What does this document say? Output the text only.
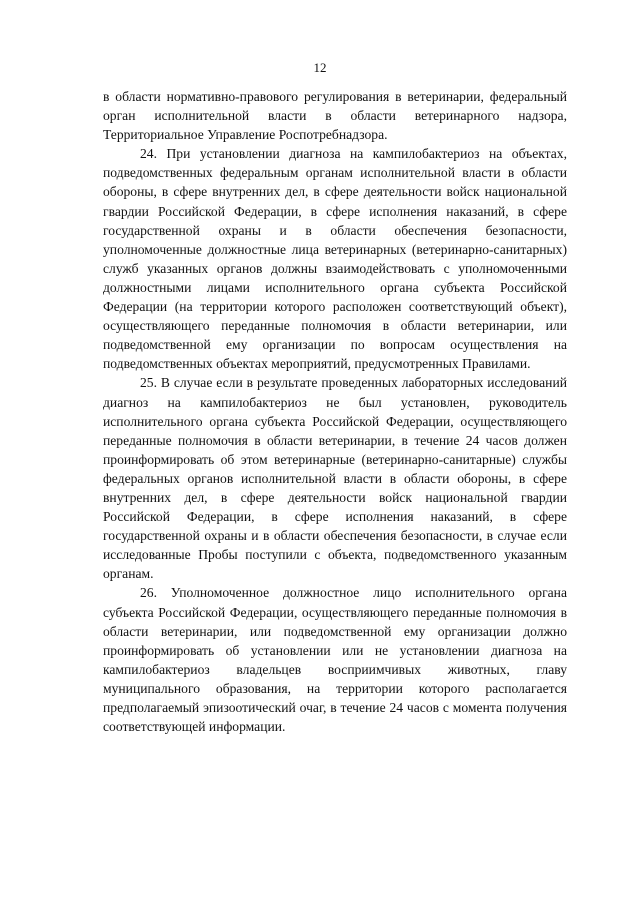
12

в области нормативно-правового регулирования в ветеринарии, федеральный орган исполнительной власти в области ветеринарного надзора, Территориальное Управление Роспотребнадзора.

24. При установлении диагноза на кампилобактериоз на объектах, подведомственных федеральным органам исполнительной власти в области обороны, в сфере внутренних дел, в сфере деятельности войск национальной гвардии Российской Федерации, в сфере исполнения наказаний, в сфере государственной охраны и в области обеспечения безопасности, уполномоченные должностные лица ветеринарных (ветеринарно-санитарных) служб указанных органов должны взаимодействовать с уполномоченными должностными лицами исполнительного органа субъекта Российской Федерации (на территории которого расположен соответствующий объект), осуществляющего переданные полномочия в области ветеринарии, или подведомственной ему организации по вопросам осуществления на подведомственных объектах мероприятий, предусмотренных Правилами.

25. В случае если в результате проведенных лабораторных исследований диагноз на кампилобактериоз не был установлен, руководитель исполнительного органа субъекта Российской Федерации, осуществляющего переданные полномочия в области ветеринарии, в течение 24 часов должен проинформировать об этом ветеринарные (ветеринарно-санитарные) службы федеральных органов исполнительной власти в области обороны, в сфере внутренних дел, в сфере деятельности войск национальной гвардии Российской Федерации, в сфере исполнения наказаний, в сфере государственной охраны и в области обеспечения безопасности, в случае если исследованные Пробы поступили с объекта, подведомственного указанным органам.

26. Уполномоченное должностное лицо исполнительного органа субъекта Российской Федерации, осуществляющего переданные полномочия в области ветеринарии, или подведомственной ему организации должно проинформировать об установлении или не установлении диагноза на кампилобактериоз владельцев восприимчивых животных, главу муниципального образования, на территории которого располагается предполагаемый эпизоотический очаг, в течение 24 часов с момента получения соответствующей информации.
